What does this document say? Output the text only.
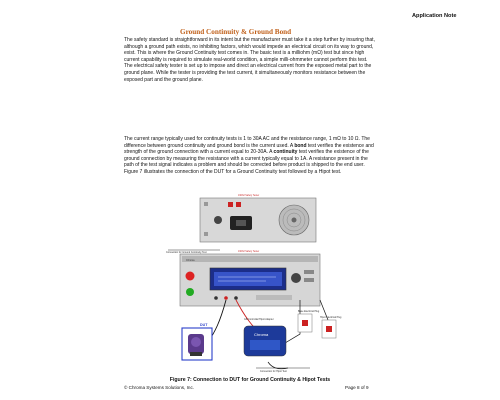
Application Note
Ground Continuity & Ground Bond
The safety standard is straightforward in its intent but the manufacturer must take it a step further by insuring that, although a ground path exists, no inhibiting factors, which would impede an electrical circuit on its way to ground, exist. This is where the Ground Continuity test comes in. The basic test is a milliohm (mΩ) test but since high current capability is required to simulate real-world condition, a simple milli-ohmmeter cannot perform this test. The electrical safety tester is set up to impose and direct an electrical current from the exposed metal part to the ground plane. While the tester is providing the test current, it simultaneously monitors resistance between the exposed part and the ground plane.
The current range typically used for continuity tests is 1 to 30A AC and the resistance range, 1 mΩ to 10 Ω. The difference between ground continuity and ground bond is the current used. A bond test verifies the existence and strength of the ground connection with a current equal to 20-30A. A continuity test verifies the existence of the ground connection by measuring the resistance with a current typically equal to 1A. A resistance present in the path of the test signal indicates a problem and should be corrected before product is shipped to the end user. Figure 7 illustrates the connection of the DUT for a Ground Continuity test followed by a Hipot test.
19032 Safety Tester
Connection for Ground Continuity Test	19032 Safety Tester
Chroma
DUT
GB Controller/Hipot Adapter
Chroma
Base Electrical Plug
Hipot Electrical Plug
Connection for Hipot Test
Figure 7: Connection to DUT for Ground Continuity & Hipot Tests
© Chroma Systems Solutions, Inc.	Page 8 of 9
